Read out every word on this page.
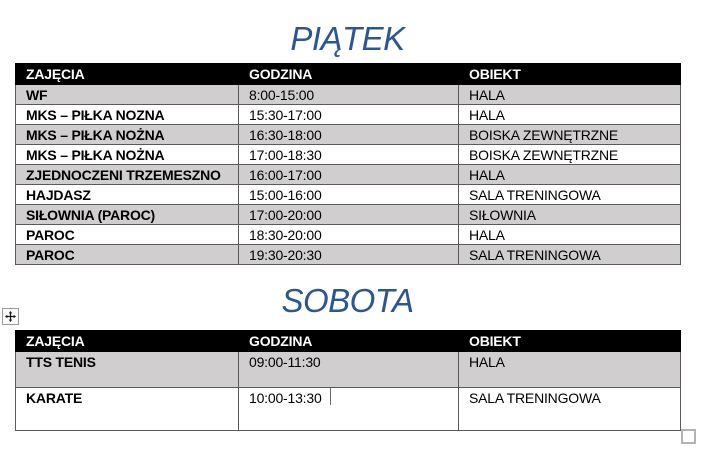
PIĄTEK
ZAJĘCIA	GODZINA	OBIEKT
WF	8:00-15:00	HALA
MKS – PIŁKA NOZNA	15:30-17:00	HALA
MKS – PIŁKA NOŻNA	16:30-18:00	BOISKA ZEWNĘTRZNE
MKS – PIŁKA NOŻNA	17:00-18:30	BOISKA ZEWNĘTRZNE
ZJEDNOCZENI TRZEMESZNO	16:00-17:00	HALA
HAJDASZ	15:00-16:00	SALA TRENINGOWA
SIŁOWNIA (PAROC)	17:00-20:00	SIŁOWNIA
PAROC	18:30-20:00	HALA
PAROC	19:30-20:30	SALA TRENINGOWA
SOBOTA
ZAJĘCIA	GODZINA	OBIEKT
TTS TENIS	09:00-11:30	HALA
KARATE	10:00-13:30	SALA TRENINGOWA
